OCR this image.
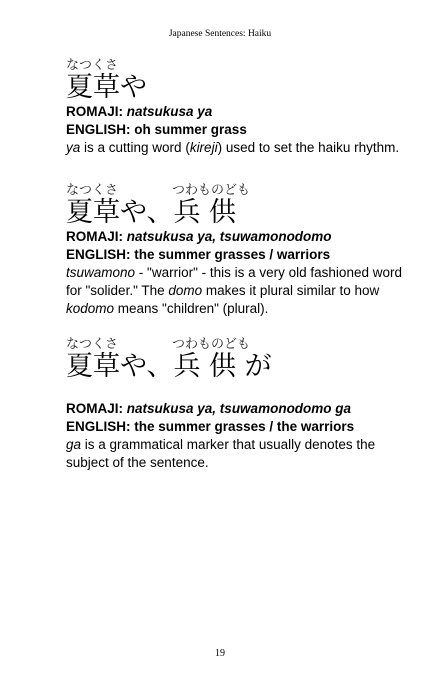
Japanese Sentences: Haiku
なつくさ
夏草や
ROMAJI: natsukusa ya
ENGLISH: oh summer grass
ya is a cutting word (kireji) used to set the haiku rhythm.
なつくさ	つわものども
夏草や、兵 供
ROMAJI: natsukusa ya, tsuwamonodomo
ENGLISH: the summer grasses / warriors
tsuwamono - "warrior" - this is a very old fashioned word for "solider." The domo makes it plural similar to how kodomo means "children" (plural).
なつくさ	つわものども
夏草や、兵 供 が
ROMAJI: natsukusa ya, tsuwamonodomo ga
ENGLISH: the summer grasses / the warriors
ga is a grammatical marker that usually denotes the subject of the sentence.
19
